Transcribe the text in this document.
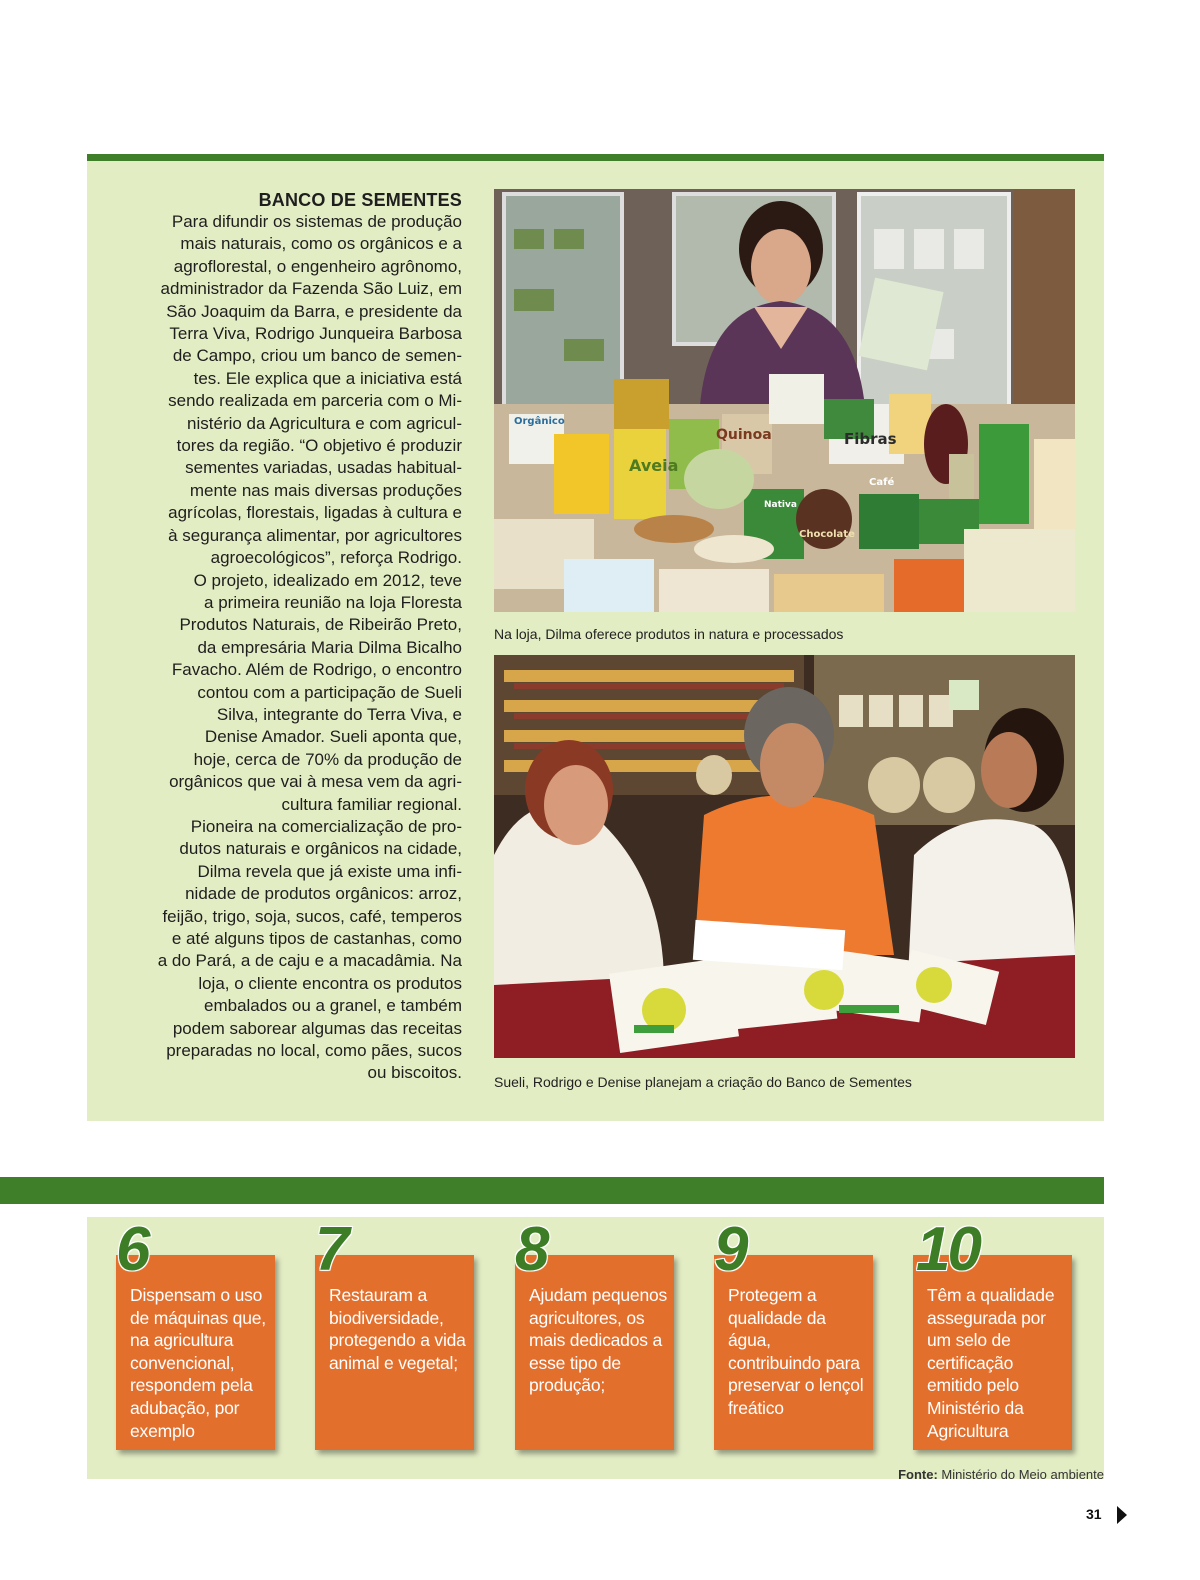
BANCO DE SEMENTES
Para difundir os sistemas de produção
mais naturais, como os orgânicos e a
agroflorestal, o engenheiro agrônomo,
administrador da Fazenda São Luiz, em
São Joaquim da Barra, e presidente da
Terra Viva, Rodrigo Junqueira Barbosa
de Campo, criou um banco de semen-
tes. Ele explica que a iniciativa está
sendo realizada em parceria com o Mi-
nistério da Agricultura e com agricul-
tores da região. “O objetivo é produzir
sementes variadas, usadas habitual-
mente nas mais diversas produções
agrícolas, florestais, ligadas à cultura e
à segurança alimentar, por agricultores
agroecológicos”, reforça Rodrigo.
O projeto, idealizado em 2012, teve
a primeira reunião na loja Floresta
Produtos Naturais, de Ribeirão Preto,
da empresária Maria Dilma Bicalho
Favacho. Além de Rodrigo, o encontro
contou com a participação de Sueli
Silva, integrante do Terra Viva, e
Denise Amador. Sueli aponta que,
hoje, cerca de 70% da produção de
orgânicos que vai à mesa vem da agri-
cultura familiar regional.
Pioneira na comercialização de pro-
dutos naturais e orgânicos na cidade,
Dilma revela que já existe uma infi-
nidade de produtos orgânicos: arroz,
feijão, trigo, soja, sucos, café, temperos
e até alguns tipos de castanhas, como
a do Pará, a de caju e a macadâmia. Na
loja, o cliente encontra os produtos
embalados ou a granel, e também
podem saborear algumas das receitas
preparadas no local, como pães, sucos
ou biscoitos.
Orgânico
Aveia
Quinoa	Fibras
Café
Chocolate
Nativa
Na loja, Dilma oferece produtos in natura e processados
Sueli, Rodrigo e Denise planejam a criação do Banco de Sementes
Dispensam o uso de máquinas que, na agricultura convencional, respondem pela adubação, por exemplo
6
Restauram a biodiversidade, protegendo a vida animal e vegetal;
7
Ajudam pequenos agricultores, os mais dedicados a esse tipo de produção;
8
Protegem a qualidade da água, contribuindo para preservar o lençol freático
9
Têm a qualidade assegurada por um selo de certificação emitido pelo Ministério da Agricultura
10
Fonte: Ministério do Meio ambiente
31
